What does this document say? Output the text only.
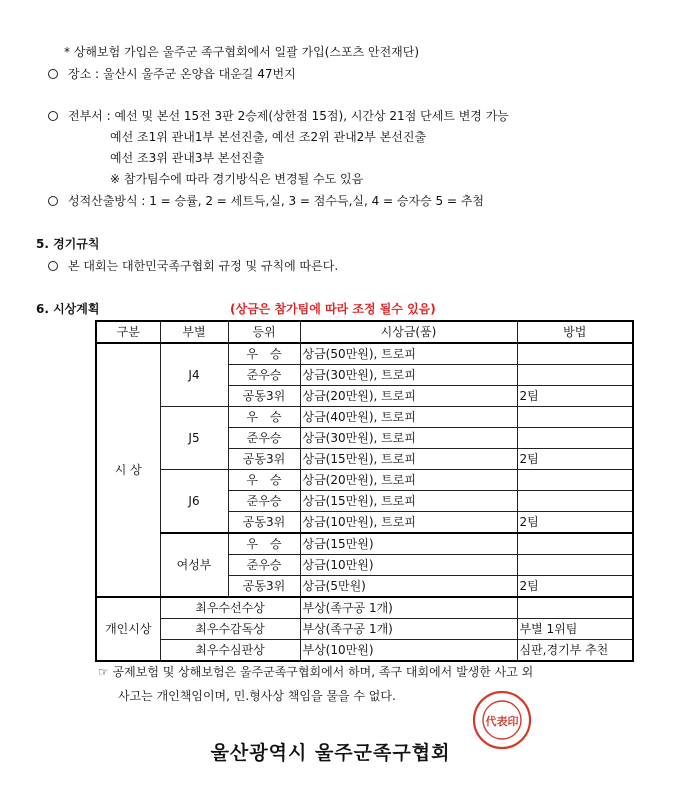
* 상해보험 가입은 울주군 족구협회에서 일괄 가입(스포츠 안전재단)
장소 : 울산시 울주군 온양읍 대운길 47번지
전부서 : 예선 및 본선 15전 3판 2승제(상한점 15점), 시간상 21점 단세트 변경 가능
예선 조1위 관내1부 본선진출, 예선 조2위 관내2부 본선진출
예선 조3위 관내3부 본선진출
※ 참가팀수에 따라 경기방식은 변경될 수도 있음
성적산출방식 : 1 = 승률, 2 = 세트득,실, 3 = 점수득,실, 4 = 승자승 5 = 추첨
5. 경기규칙
본 대회는 대한민국족구협회 규정 및 규칙에 따른다.
6. 시상계획	(상금은 참가팀에 따라 조정 될수 있음)
구분	부별	등위	시상금(품)	방법
시 상	J4	우　승	상금(50만원), 트로피	
		준우승	상금(30만원), 트로피	
		공동3위	상금(20만원), 트로피	2팀
	J5	우　승	상금(40만원), 트로피	
		준우승	상금(30만원), 트로피	
		공동3위	상금(15만원), 트로피	2팀
	J6	우　승	상금(20만원), 트로피	
		준우승	상금(15만원), 트로피	
		공동3위	상금(10만원), 트로피	2팀
	여성부	우　승	상금(15만원)	
		준우승	상금(10만원)	
		공동3위	상금(5만원)	2팀
개인시상	최우수선수상		부상(족구공 1개)	
	최우수감독상		부상(족구공 1개)	부별 1위팀
	최우수심판상		부상(10만원)	심판,경기부 추천
☞ 공제보험 및 상해보험은 울주군족구협회에서 하며, 족구 대회에서 발생한 사고 외
사고는 개인책임이며, 민.형사상 책임을 물을 수 없다.
代表印
울산광역시 울주군족구협회
